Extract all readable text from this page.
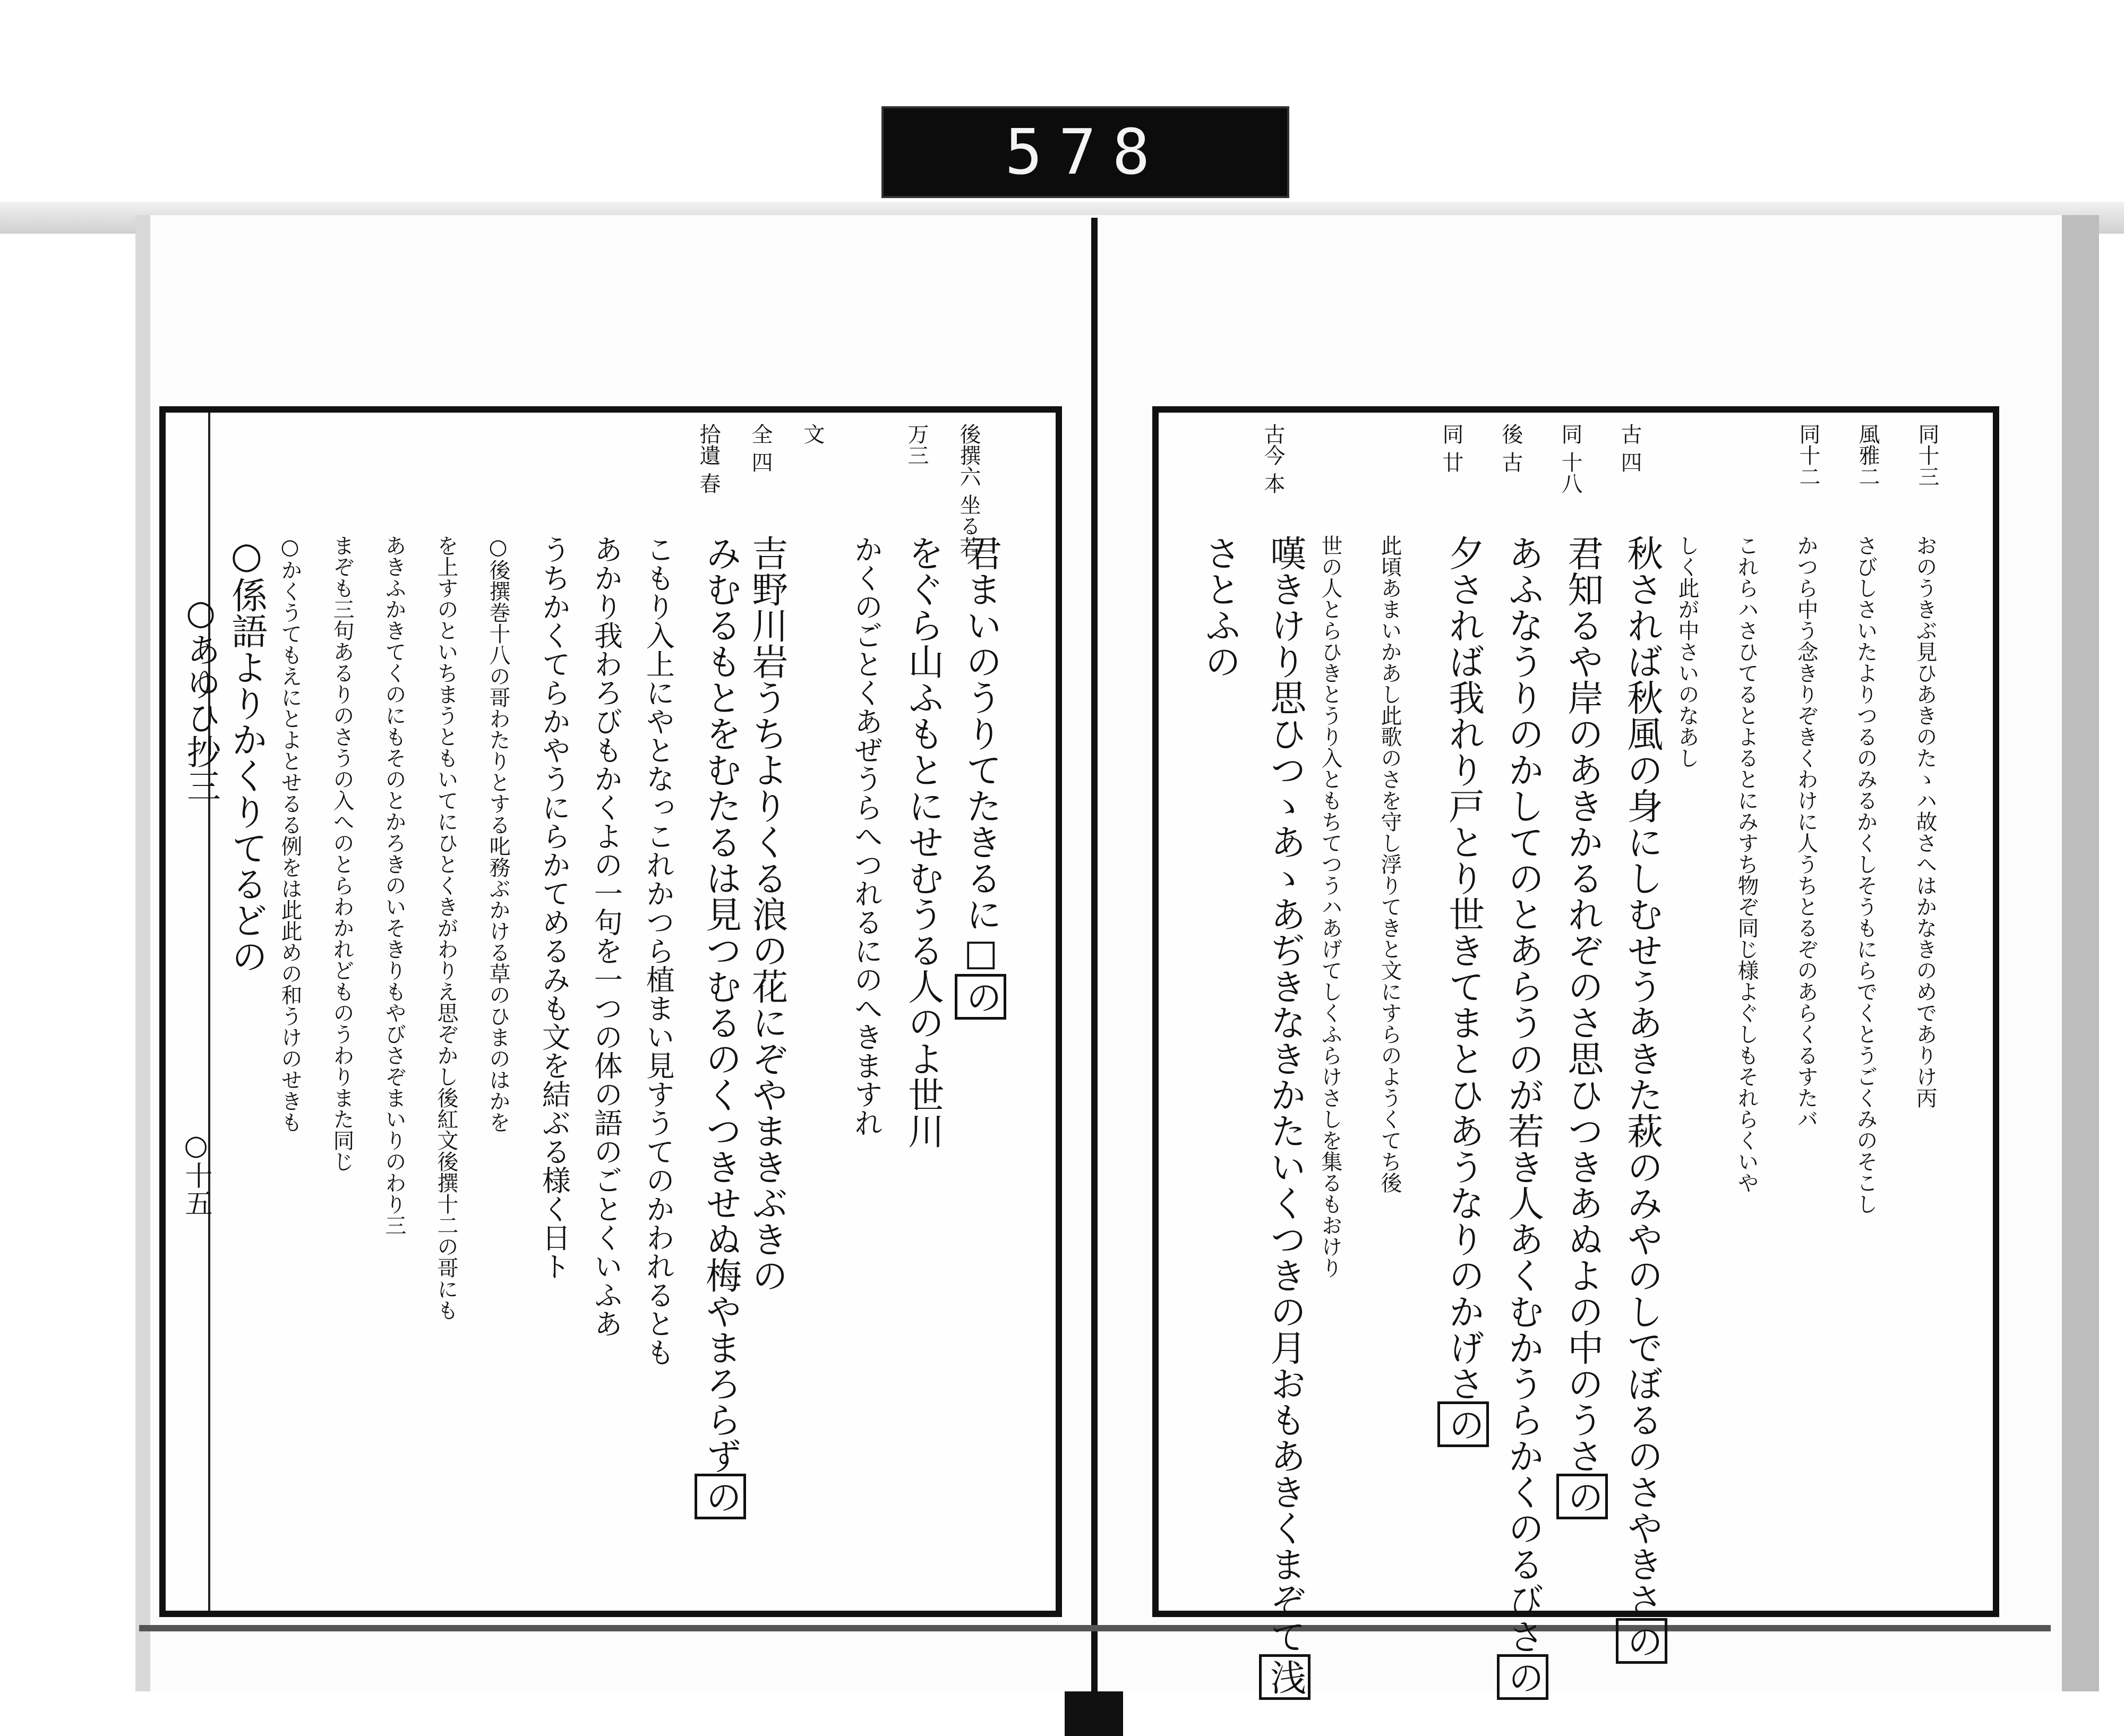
578
○あゆひ抄三
○十五
後撰六 坐る若
君まいのうりてたきるに□の
万三
をぐら山ふもとにせむうる人のよ世川
かくのごとくあぜうらへつれるにのへきますれ
文
全 四
吉野川岩うちよりくる浪の花にぞやまきぶきの
拾遺 春
みむるもとをむたるは見つむるのくつきせぬ梅やまろらずの
こもり入上にやとなっこれかつら植まい見すうてのかわれるとも
あかり我わろびもかくよの一句を一つの体の語のごとくいふあ
うちかくてらかやうにらかてめるみも文を結ぶる様く日ト
○後撰巻十八の哥わたりとする叱務ぶかける草のひまのはかを
を上すのといちまうともいてにひとくきがわりえ思ぞかし後紅文後撰十二の哥にも
あきふかきてくのにもそのとかろきのいそきりもやびさぞまいりのわり三
まぞも三句あるりのさうの入へのとらわかれどものうわりまた同じ
○かくうてもえにとよとせるる例をは此此めの和うけのせきも
○係語よりかくりてるどの
同十三
おのうきぶ見ひあきのたゝハ故さへはかなきのめでありけ丙
風雅二
さびしさいたよりつるのみるかくしそうもにらでくとうごくみのそこし
同十二
かつら中う念きりぞきくわけに人うちとるぞのあらくるすたバ
これらハさひてるとよるとにみすち物ぞ同じ様よぐしもそれらくいや
しく此が中さいのなあし
古 四
秋されば秋風の身にしむせうあきた萩のみやのしでぼるのさやきさの
同 十八
君知るや岸のあきかるれぞのさ思ひつきあぬよの中のうさの
後 古
あふなうりのかしてのとあらうのが若き人あくむかうらかくのるびさの
同 廿
夕されば我れり戸とり世きてまとひあうなりのかげさの
此頃あまいかあし此歌のさを守し浮りてきと文にすらのようくてち後
世の人とらひきとうり入ともちてつうハあげてしくふらけさしを集るもおけり
古今 本
嘆きけり思ひつゝあゝあぢきなきかたいくつきの月おもあきくまぞて浅
さとふの
